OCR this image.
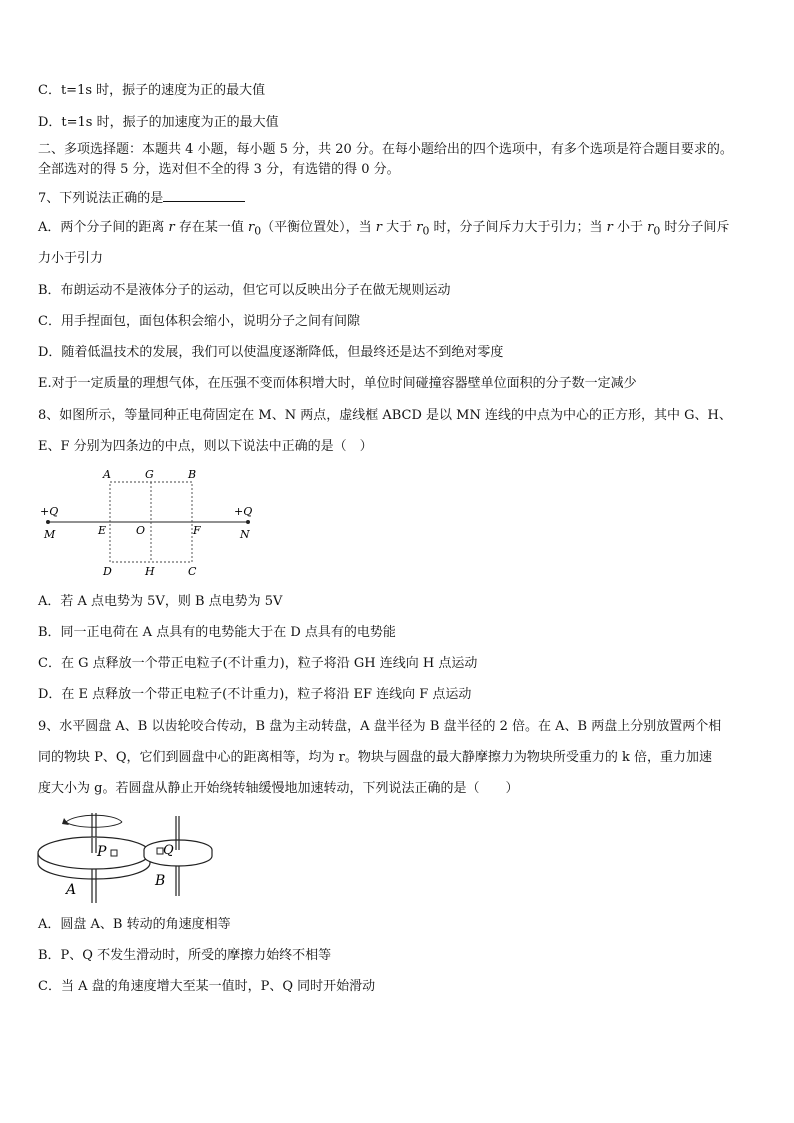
C．t=1s 时，振子的速度为正的最大值
D．t=1s 时，振子的加速度为正的最大值
二、多项选择题：本题共 4 小题，每小题 5 分，共 20 分。在每小题给出的四个选项中，有多个选项是符合题目要求的。
全部选对的得 5 分，选对但不全的得 3 分，有选错的得 0 分。
7、下列说法正确的是
A．两个分子间的距离 r 存在某一值 $r_0$（平衡位置处），当 r 大于 $r_0$ 时，分子间斥力大于引力；当 r 小于 $r_0$ 时分子间斥
力小于引力
B．布朗运动不是液体分子的运动，但它可以反映出分子在做无规则运动
C．用手捏面包，面包体积会缩小，说明分子之间有间隙
D．随着低温技术的发展，我们可以使温度逐渐降低，但最终还是达不到绝对零度
E.对于一定质量的理想气体，在压强不变而体积增大时，单位时间碰撞容器壁单位面积的分子数一定减少
8、如图所示，等量同种正电荷固定在 M、N 两点，虚线框 ABCD 是以 MN 连线的中点为中心的正方形，其中 G、H、
E、F 分别为四条边的中点，则以下说法中正确的是（　）
A	G	B
+Q	+Q
M	E	O	F	N
D	H	C
A．若 A 点电势为 5V，则 B 点电势为 5V
B．同一正电荷在 A 点具有的电势能大于在 D 点具有的电势能
C．在 G 点释放一个带正电粒子(不计重力)，粒子将沿 GH 连线向 H 点运动
D．在 E 点释放一个带正电粒子(不计重力)，粒子将沿 EF 连线向 F 点运动
9、水平圆盘 A、B 以齿轮咬合传动，B 盘为主动转盘，A 盘半径为 B 盘半径的 2 倍。在 A、B 两盘上分别放置两个相
同的物块 P、Q，它们到圆盘中心的距离相等，均为 r。物块与圆盘的最大静摩擦力为物块所受重力的 k 倍，重力加速
度大小为 g。若圆盘从静止开始绕转轴缓慢地加速转动，下列说法正确的是（　　）
P	Q
A
B
A．圆盘 A、B 转动的角速度相等
B．P、Q 不发生滑动时，所受的摩擦力始终不相等
C．当 A 盘的角速度增大至某一值时，P、Q 同时开始滑动
